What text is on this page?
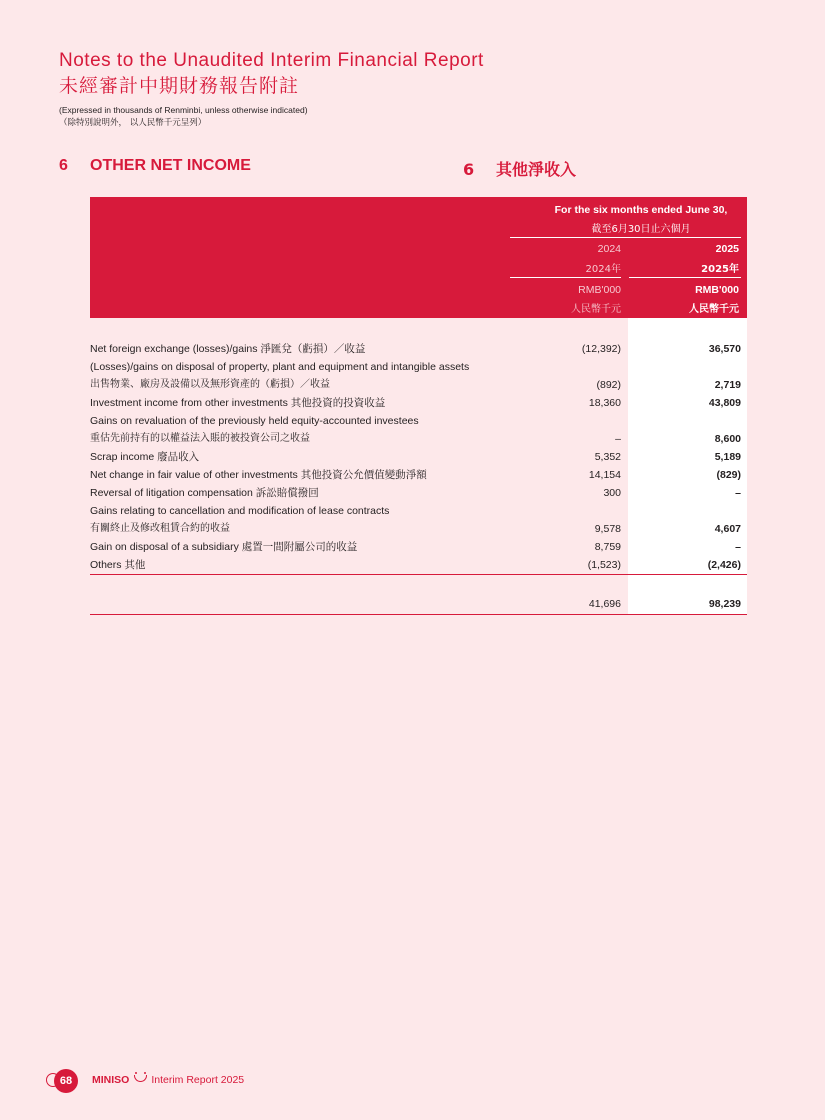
Notes to the Unaudited Interim Financial Report
未經審計中期財務報告附註
(Expressed in thousands of Renminbi, unless otherwise indicated)
（除特別說明外， 以人民幣千元呈列）
6 OTHER NET INCOME	6 其他淨收入
For the six months ended June 30,
截至6月30日止六個月
2024	2025
2024年	2025年
RMB'000	RMB'000
人民幣千元	人民幣千元
Net foreign exchange (losses)/gains 淨匯兌（虧損）／收益	(12,392)	36,570
(Losses)/gains on disposal of property, plant and equipment and intangible assets
出售物業、廠房及設備以及無形資產的（虧損）／收益	(892)	2,719
Investment income from other investments 其他投資的投資收益	18,360	43,809
Gains on revaluation of the previously held equity-accounted investees
重估先前持有的以權益法入賬的被投資公司之收益	–	8,600
Scrap income 廢品收入	5,352	5,189
Net change in fair value of other investments 其他投資公允價值變動淨額	14,154	(829)
Reversal of litigation compensation 訴訟賠償撥回	300	–
Gains relating to cancellation and modification of lease contracts
有關終止及修改租賃合約的收益	9,578	4,607
Gain on disposal of a subsidiary 處置一間附屬公司的收益	8,759	–
Others 其他	(1,523)	(2,426)
41,696	98,239
68	MINISO Interim Report 2025
